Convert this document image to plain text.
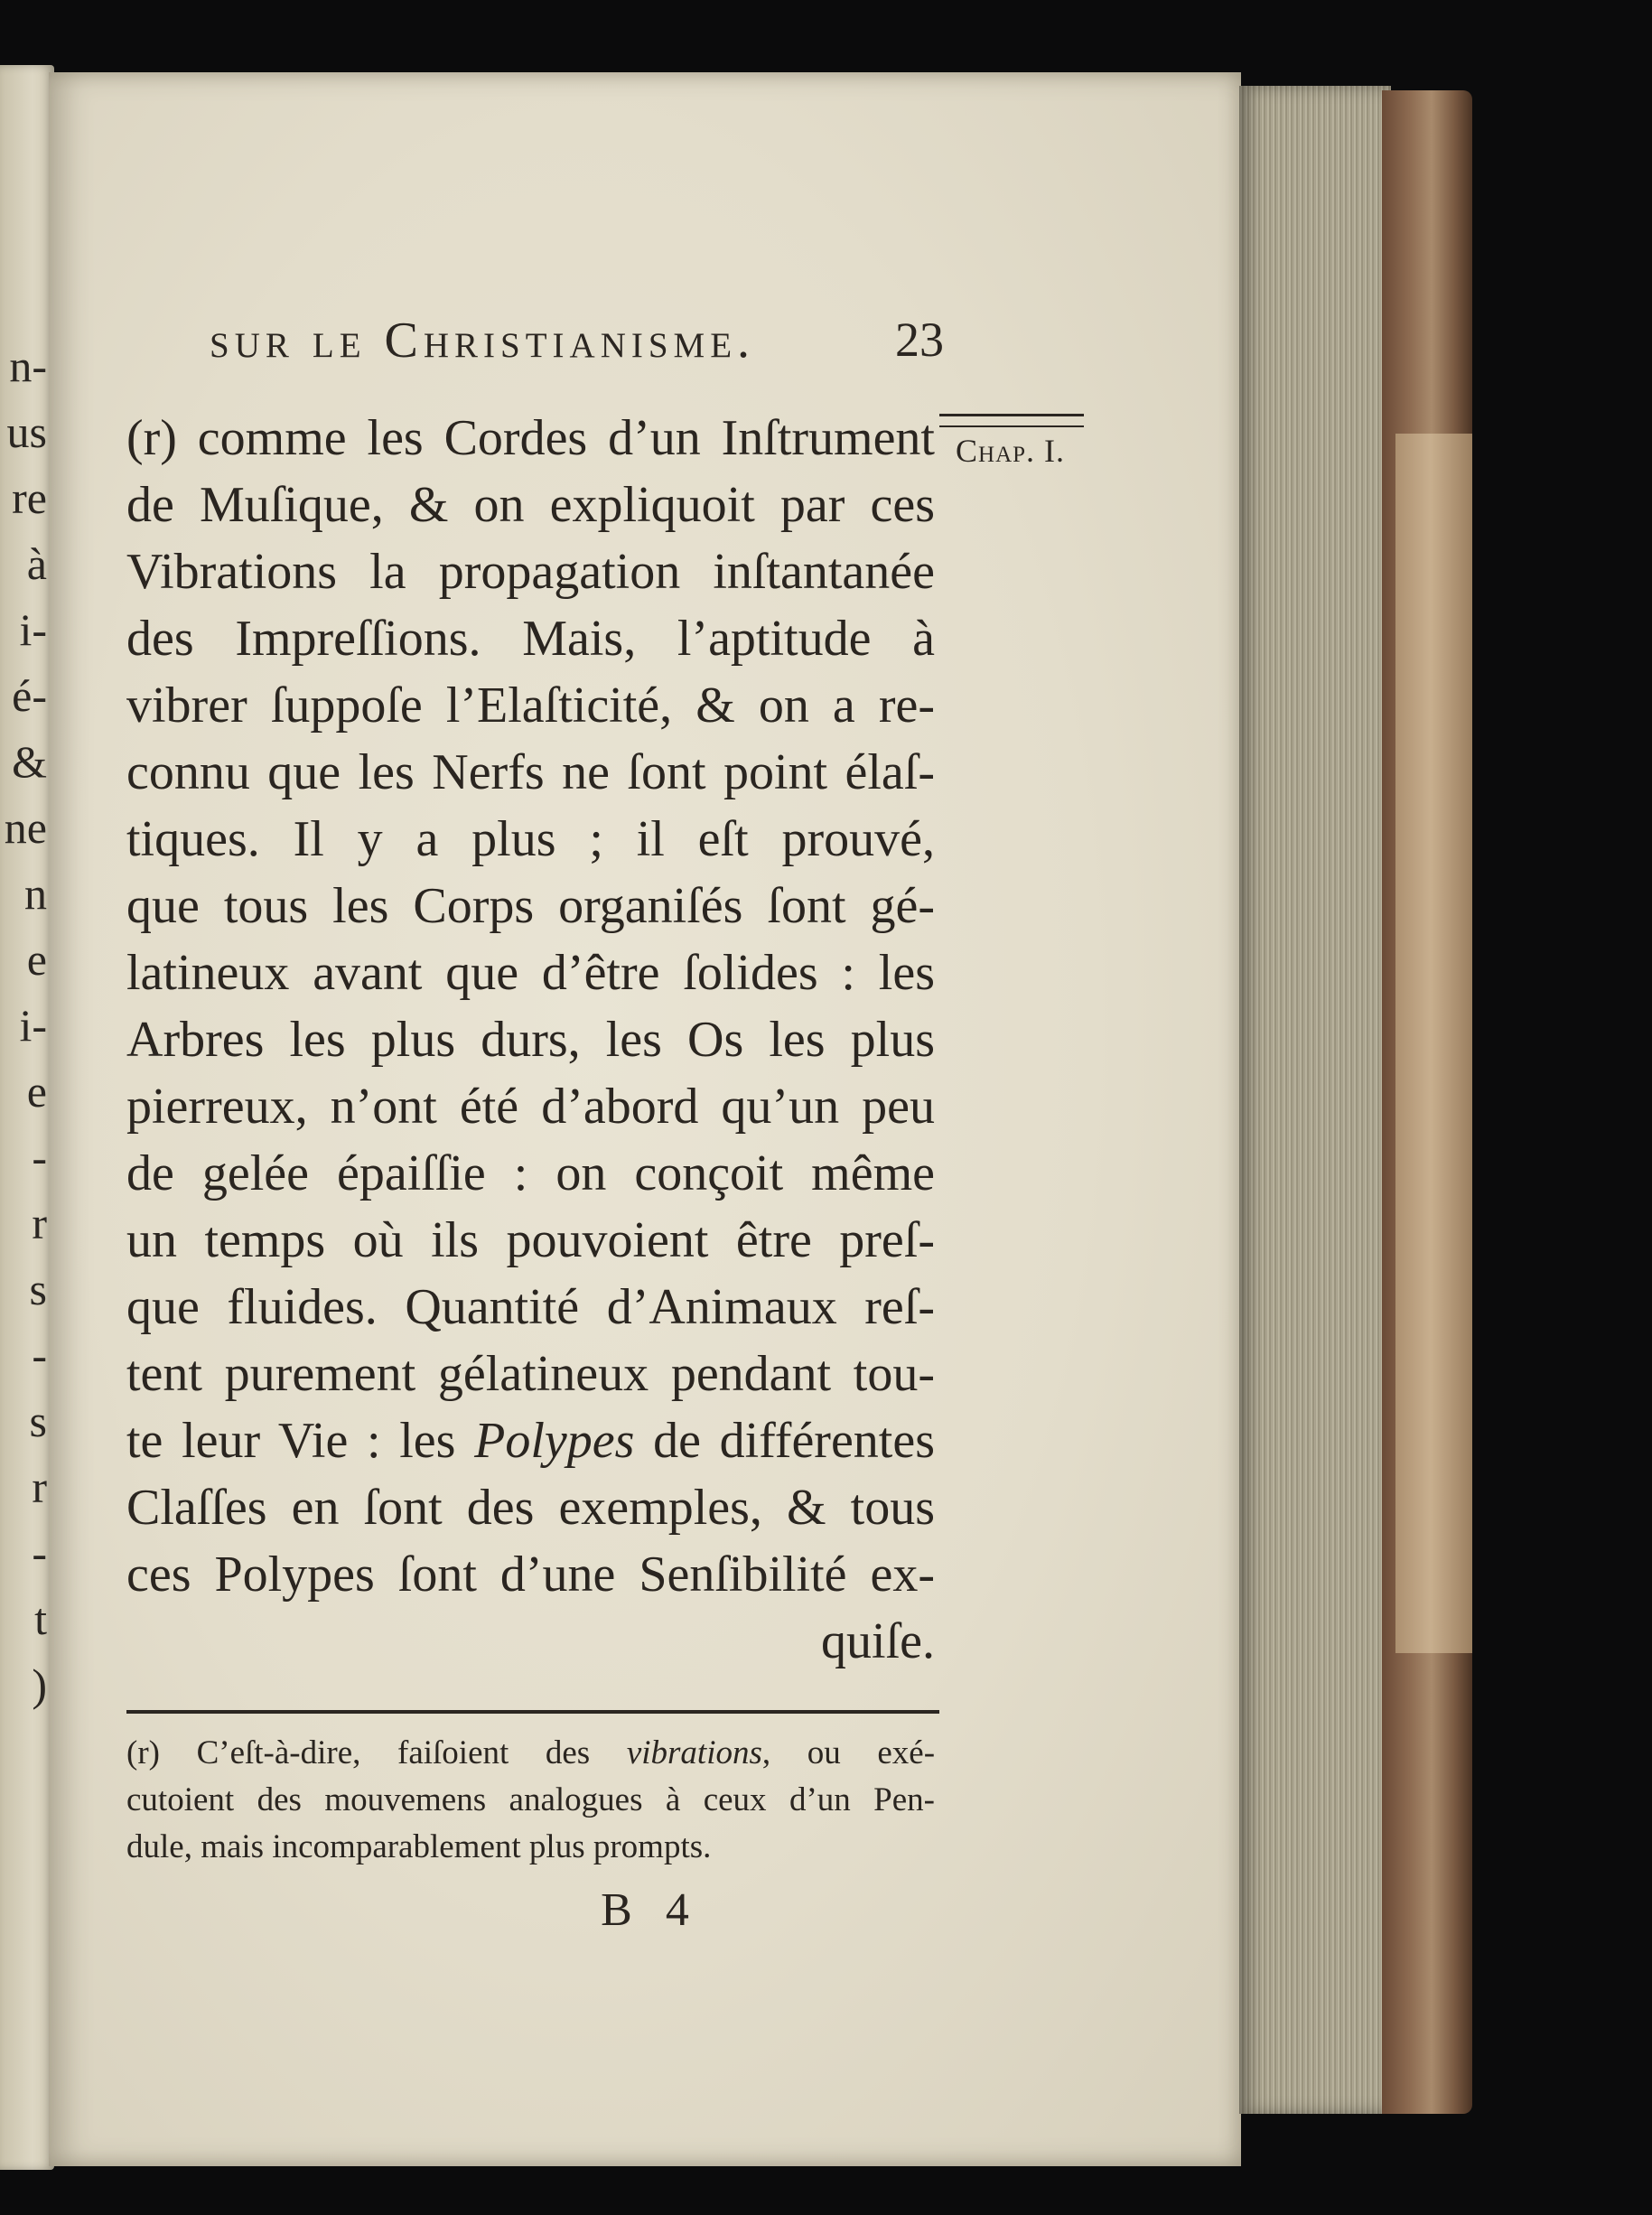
n-
us
re
à
i-
é-
&
ne
n
e
i-
e
-
r
s
-
s
r
-
t
)
sur le Christianisme.	23
Chap. I.
(r) comme les Cordes d’un Inſtrument
de Muſique, & on expliquoit par ces
Vibrations la propagation inſtantanée
des Impreſſions. Mais, l’aptitude à
vibrer ſuppoſe l’Elaſticité, & on a re-
connu que les Nerfs ne ſont point élaſ-
tiques. Il y a plus ; il eſt prouvé,
que tous les Corps organiſés ſont gé-
latineux avant que d’être ſolides : les
Arbres les plus durs, les Os les plus
pierreux, n’ont été d’abord qu’un peu
de gelée épaiſſie : on conçoit même
un temps où ils pouvoient être preſ-
que fluides. Quantité d’Animaux reſ-
tent purement gélatineux pendant tou-
te leur Vie : les Polypes de différentes
Claſſes en ſont des exemples, & tous
ces Polypes ſont d’une Senſibilité ex-
quiſe.
(r) C’eſt-à-dire, faiſoient des vibrations, ou exé-
cutoient des mouvemens analogues à ceux d’un Pen-
dule, mais incomparablement plus prompts.
B 4
